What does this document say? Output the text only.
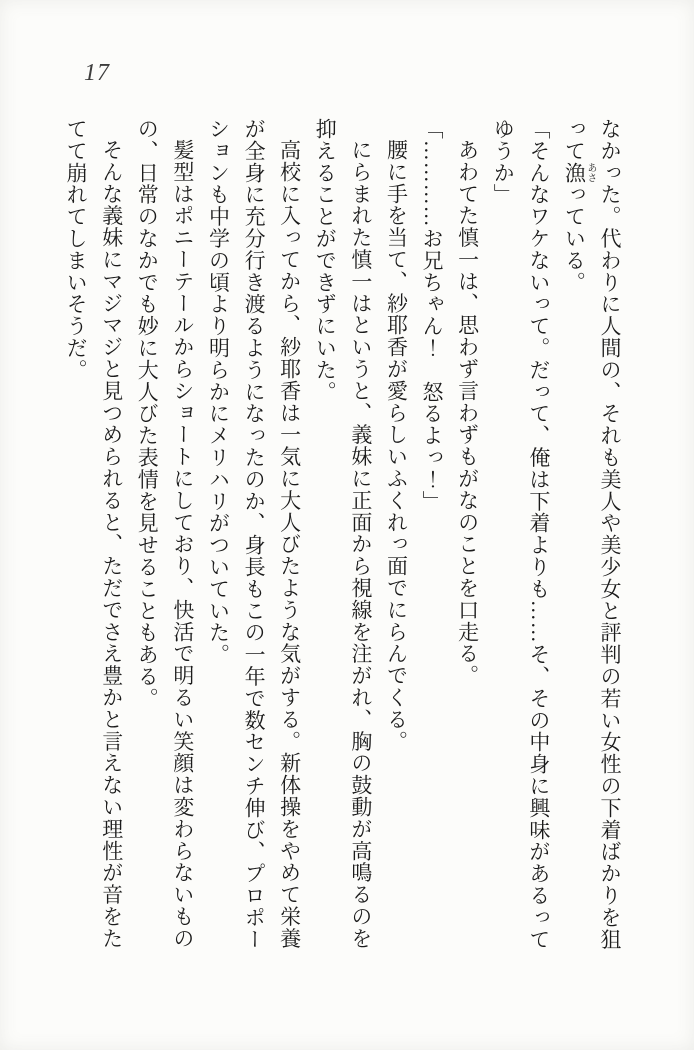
17

なかった。代わりに人間の、それも美人や美少女と評判の若い女性の下着ばかりを狙って漁あさっている。

「そんなワケないって。だって、俺は下着よりも……そ、その中身に興味があるってゆうか」

あわてた慎一は、思わず言わずもがなのことを口走る。

「…………お兄ちゃん！　怒るよっ！」

腰に手を当て、紗耶香が愛らしいふくれっ面でにらんでくる。

にらまれた慎一はというと、義妹に正面から視線を注がれ、胸の鼓動が高鳴るのを抑えることができずにいた。

高校に入ってから、紗耶香は一気に大人びたような気がする。新体操をやめて栄養が全身に充分行き渡るようになったのか、身長もこの一年で数センチ伸び、プロポーションも中学の頃より明らかにメリハリがついていた。

髪型はポニーテールからショートにしており、快活で明るい笑顔は変わらないものの、日常のなかでも妙に大人びた表情を見せることもある。

そんな義妹にマジマジと見つめられると、ただでさえ豊かと言えない理性が音をたてて崩れてしまいそうだ。
